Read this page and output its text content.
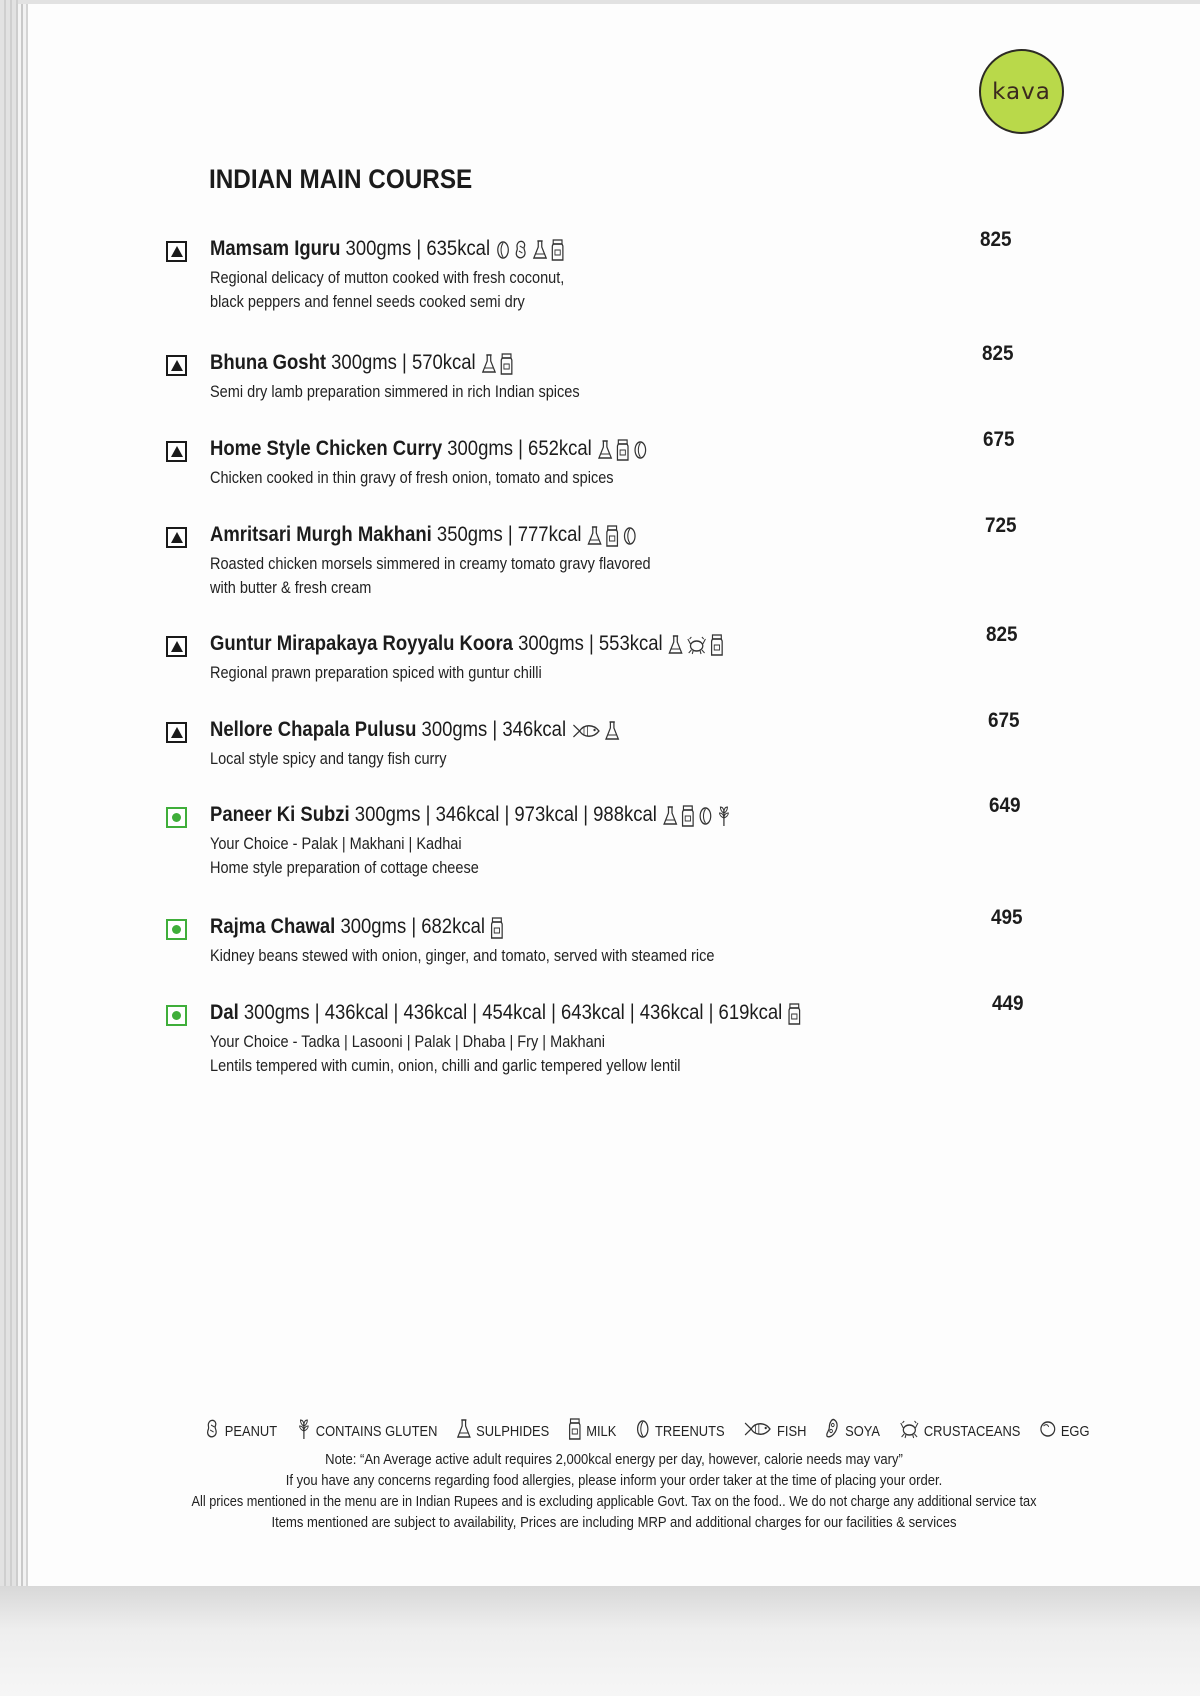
kava
INDIAN MAIN COURSE
Mamsam Iguru 300gms | 635kcal
Regional delicacy of mutton cooked with fresh coconut,
black peppers and fennel seeds cooked semi dry
825
Bhuna Gosht 300gms | 570kcal
Semi dry lamb preparation simmered in rich Indian spices
825
Home Style Chicken Curry 300gms | 652kcal
Chicken cooked in thin gravy of fresh onion, tomato and spices
675
Amritsari Murgh Makhani 350gms | 777kcal
Roasted chicken morsels simmered in creamy tomato gravy flavored
with butter & fresh cream
725
Guntur Mirapakaya Royyalu Koora 300gms | 553kcal
Regional prawn preparation spiced with guntur chilli
825
Nellore Chapala Pulusu 300gms | 346kcal
Local style spicy and tangy fish curry
675
Paneer Ki Subzi 300gms | 346kcal | 973kcal | 988kcal
Your Choice - Palak | Makhani | Kadhai
Home style preparation of cottage cheese
649
Rajma Chawal 300gms | 682kcal
Kidney beans stewed with onion, ginger, and tomato, served with steamed rice
495
Dal 300gms | 436kcal | 436kcal | 454kcal | 643kcal | 436kcal | 619kcal
Your Choice - Tadka | Lasooni | Palak | Dhaba | Fry | Makhani
Lentils tempered with cumin, onion, chilli and garlic tempered yellow lentil
449
PEANUT	CONTAINS GLUTEN	SULPHIDES MILK	TREENUTS	FISH	SOYA	CRUSTACEANS	EGG
Note: “An Average active adult requires 2,000kcal energy per day, however, calorie needs may vary”
If you have any concerns regarding food allergies, please inform your order taker at the time of placing your order.
All prices mentioned in the menu are in Indian Rupees and is excluding applicable Govt. Tax on the food.. We do not charge any additional service tax
Items mentioned are subject to availability, Prices are including MRP and additional charges for our facilities & services
